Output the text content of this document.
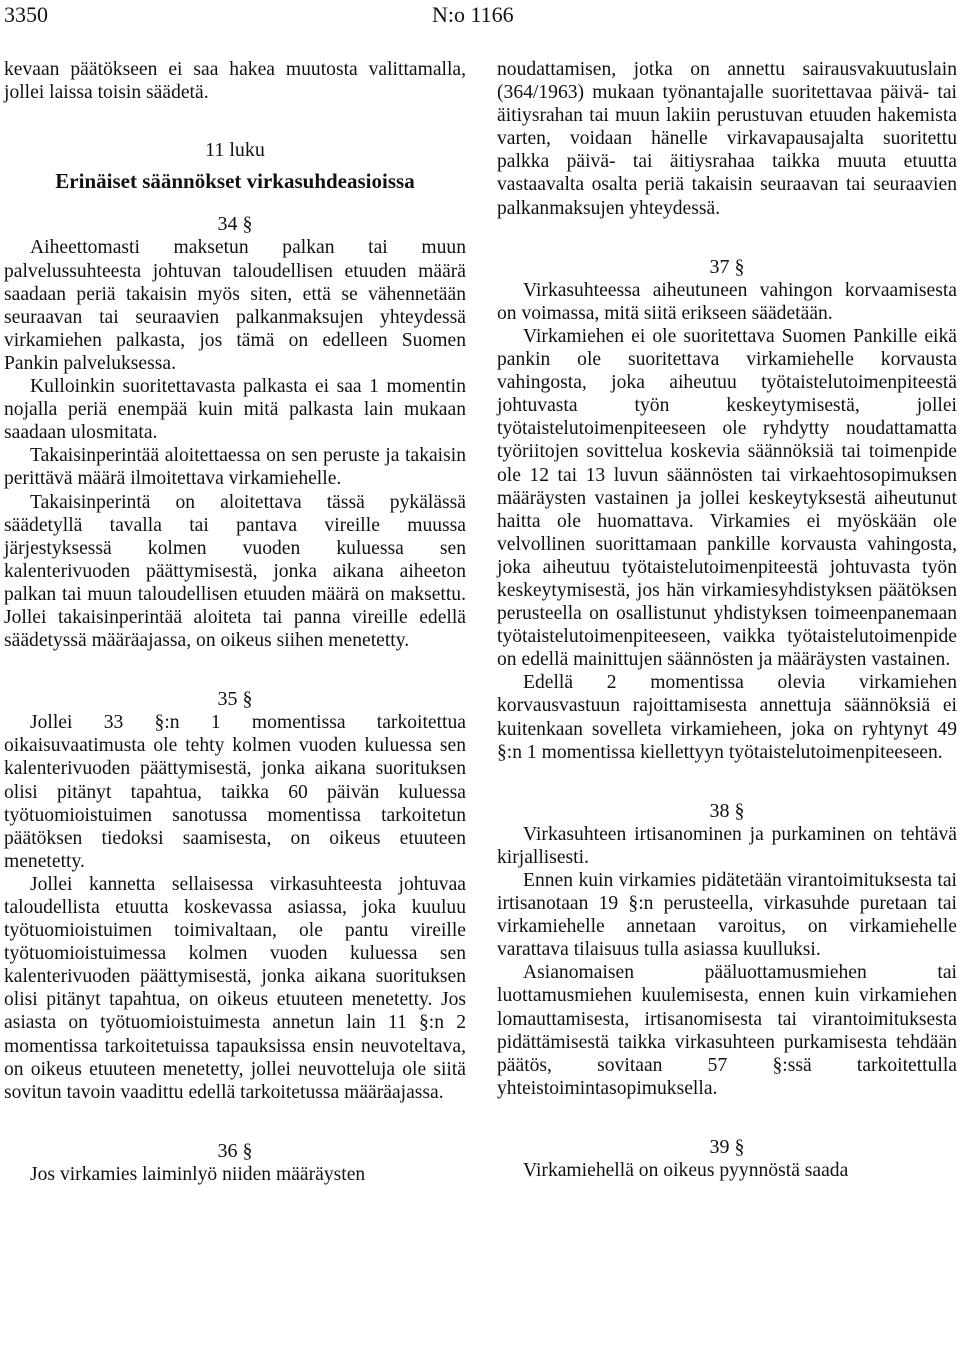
3350	N:o 1166

kevaan päätökseen ei saa hakea muutosta valittamalla, jollei laissa toisin säädetä.

11 luku
Erinäiset säännökset virkasuhdeasioissa
34 §

Aiheettomasti maksetun palkan tai muun palvelussuhteesta johtuvan taloudellisen etuuden määrä saadaan periä takaisin myös siten, että se vähennetään seuraavan tai seuraavien palkanmaksujen yhteydessä virkamiehen palkasta, jos tämä on edelleen Suomen Pankin palveluksessa.

Kulloinkin suoritettavasta palkasta ei saa 1 momentin nojalla periä enempää kuin mitä palkasta lain mukaan saadaan ulosmitata.

Takaisinperintää aloitettaessa on sen peruste ja takaisin perittävä määrä ilmoitettava virkamiehelle.

Takaisinperintä on aloitettava tässä pykälässä säädetyllä tavalla tai pantava vireille muussa järjestyksessä kolmen vuoden kuluessa sen kalenterivuoden päättymisestä, jonka aikana aiheeton palkan tai muun taloudellisen etuuden määrä on maksettu. Jollei takaisinperintää aloiteta tai panna vireille edellä säädetyssä määräajassa, on oikeus siihen menetetty.

35 §

Jollei 33 §:n 1 momentissa tarkoitettua oikaisuvaatimusta ole tehty kolmen vuoden kuluessa sen kalenterivuoden päättymisestä, jonka aikana suorituksen olisi pitänyt tapahtua, taikka 60 päivän kuluessa työtuomioistuimen sanotussa momentissa tarkoitetun päätöksen tiedoksi saamisesta, on oikeus etuuteen menetetty.

Jollei kannetta sellaisessa virkasuhteesta johtuvaa taloudellista etuutta koskevassa asiassa, joka kuuluu työtuomioistuimen toimivaltaan, ole pantu vireille työtuomioistuimessa kolmen vuoden kuluessa sen kalenterivuoden päättymisestä, jonka aikana suorituksen olisi pitänyt tapahtua, on oikeus etuuteen menetetty. Jos asiasta on työtuomioistuimesta annetun lain 11 §:n 2 momentissa tarkoitetuissa tapauksissa ensin neuvoteltava, on oikeus etuuteen menetetty, jollei neuvotteluja ole siitä sovitun tavoin vaadittu edellä tarkoitetussa määräajassa.

36 §

Jos virkamies laiminlyö niiden määräysten

noudattamisen, jotka on annettu sairausvakuutuslain (364/1963) mukaan työnantajalle suoritettavaa päivä- tai äitiysrahan tai muun lakiin perustuvan etuuden hakemista varten, voidaan hänelle virkavapausajalta suoritettu palkka päivä- tai äitiysrahaa taikka muuta etuutta vastaavalta osalta periä takaisin seuraavan tai seuraavien palkanmaksujen yhteydessä.

37 §

Virkasuhteessa aiheutuneen vahingon korvaamisesta on voimassa, mitä siitä erikseen säädetään.

Virkamiehen ei ole suoritettava Suomen Pankille eikä pankin ole suoritettava virkamiehelle korvausta vahingosta, joka aiheutuu työtaistelutoimenpiteestä johtuvasta työn keskeytymisestä, jollei työtaistelutoimenpiteeseen ole ryhdytty noudattamatta työriitojen sovittelua koskevia säännöksiä tai toimenpide ole 12 tai 13 luvun säännösten tai virkaehtosopimuksen määräysten vastainen ja jollei keskeytyksestä aiheutunut haitta ole huomattava. Virkamies ei myöskään ole velvollinen suorittamaan pankille korvausta vahingosta, joka aiheutuu työtaistelutoimenpiteestä johtuvasta työn keskeytymisestä, jos hän virkamiesyhdistyksen päätöksen perusteella on osallistunut yhdistyksen toimeenpanemaan työtaistelutoimenpiteeseen, vaikka työtaistelutoimenpide on edellä mainittujen säännösten ja määräysten vastainen.

Edellä 2 momentissa olevia virkamiehen korvausvastuun rajoittamisesta annettuja säännöksiä ei kuitenkaan sovelleta virkamieheen, joka on ryhtynyt 49 §:n 1 momentissa kiellettyyn työtaistelutoimenpiteeseen.

38 §

Virkasuhteen irtisanominen ja purkaminen on tehtävä kirjallisesti.

Ennen kuin virkamies pidätetään virantoimituksesta tai irtisanotaan 19 §:n perusteella, virkasuhde puretaan tai virkamiehelle annetaan varoitus, on virkamiehelle varattava tilaisuus tulla asiassa kuulluksi.

Asianomaisen pääluottamusmiehen tai luottamusmiehen kuulemisesta, ennen kuin virkamiehen lomauttamisesta, irtisanomisesta tai virantoimituksesta pidättämisestä taikka virkasuhteen purkamisesta tehdään päätös, sovitaan 57 §:ssä tarkoitettulla yhteistoimintasopimuksella.

39 §

Virkamiehellä on oikeus pyynnöstä saada
